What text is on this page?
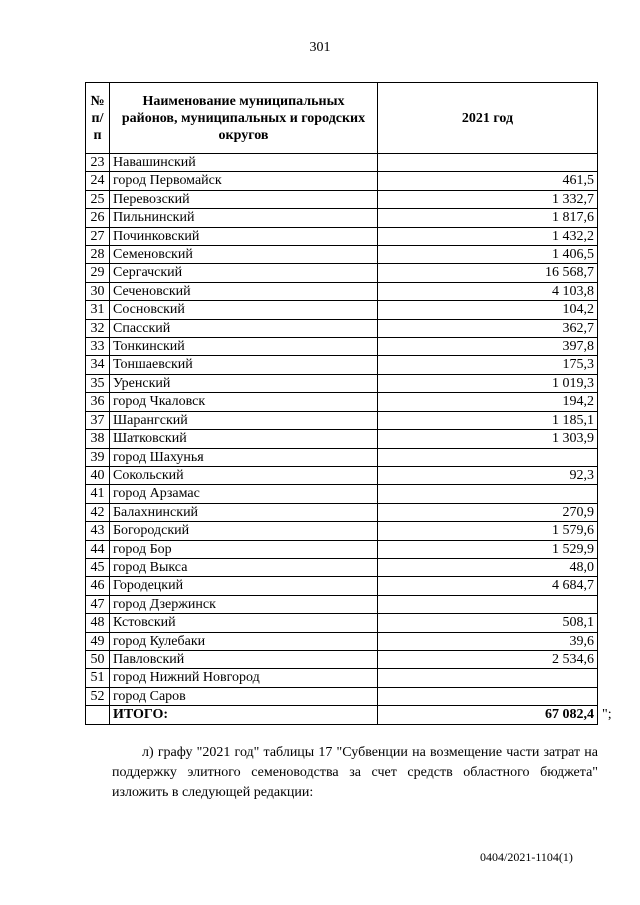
301
№ п/п	Наименование муниципальных районов, муниципальных и городских округов	2021 год
23	Навашинский	
24	город Первомайск	461,5
25	Перевозский	1 332,7
26	Пильнинский	1 817,6
27	Починковский	1 432,2
28	Семеновский	1 406,5
29	Сергачский	16 568,7
30	Сеченовский	4 103,8
31	Сосновский	104,2
32	Спасский	362,7
33	Тонкинский	397,8
34	Тоншаевский	175,3
35	Уренский	1 019,3
36	город Чкаловск	194,2
37	Шарангский	1 185,1
38	Шатковский	1 303,9
39	город Шахунья	
40	Сокольский	92,3
41	город Арзамас	
42	Балахнинский	270,9
43	Богородский	1 579,6
44	город Бор	1 529,9
45	город Выкса	48,0
46	Городецкий	4 684,7
47	город Дзержинск	
48	Кстовский	508,1
49	город Кулебаки	39,6
50	Павловский	2 534,6
51	город Нижний Новгород	
52	город Саров	
	ИТОГО:	67 082,4 ";
л) графу "2021 год" таблицы 17 "Субвенции на возмещение части затрат на поддержку элитного семеноводства за счет средств областного бюджета" изложить в следующей редакции:
0404/2021-1104(1)
